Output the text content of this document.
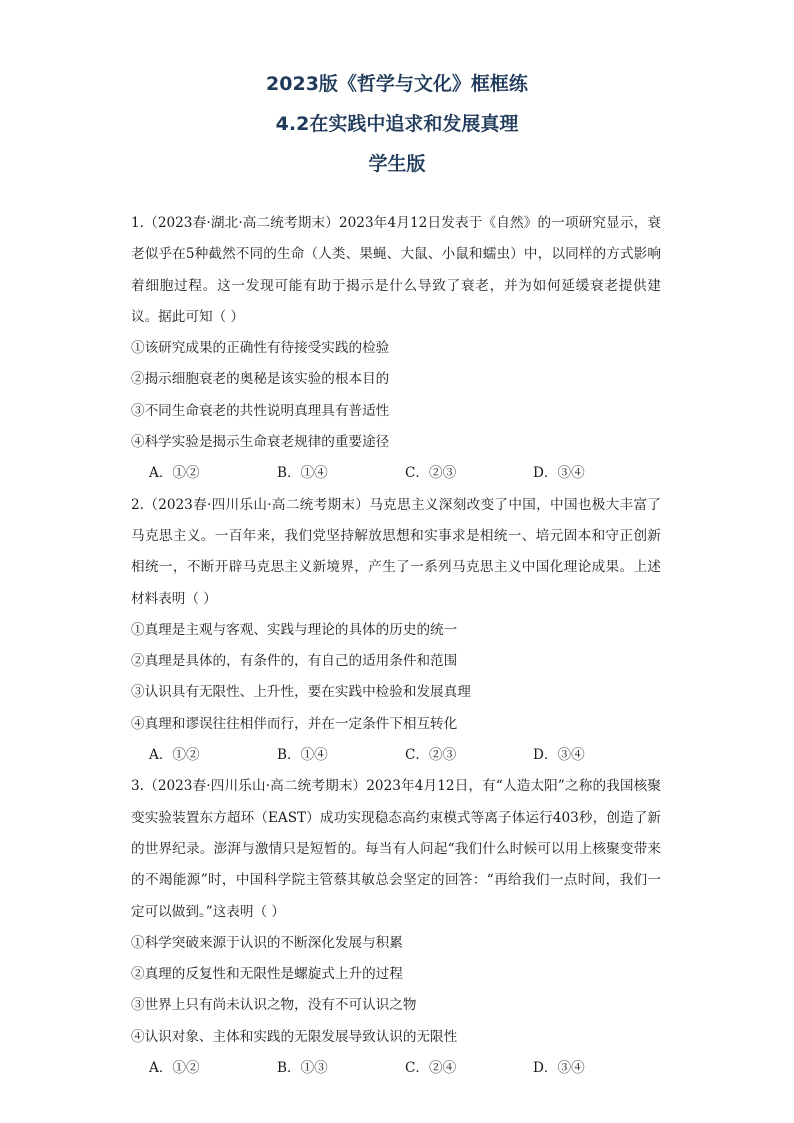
2023版《哲学与文化》框框练
4.2在实践中追求和发展真理
学生版
1.（2023春·湖北·高二统考期末）2023年4月12日发表于《自然》的一项研究显示，衰老似乎在5种截然不同的生命（人类、果蝇、大鼠、小鼠和蠕虫）中，以同样的方式影响着细胞过程。这一发现可能有助于揭示是什么导致了衰老，并为如何延缓衰老提供建议。据此可知（ ）
①该研究成果的正确性有待接受实践的检验
②揭示细胞衰老的奥秘是该实验的根本目的
③不同生命衰老的共性说明真理具有普适性
④科学实验是揭示生命衰老规律的重要途径
A．①②	B．①④	C．②③	D．③④
2.（2023春·四川乐山·高二统考期末）马克思主义深刻改变了中国，中国也极大丰富了马克思主义。一百年来，我们党坚持解放思想和实事求是相统一、培元固本和守正创新相统一，不断开辟马克思主义新境界，产生了一系列马克思主义中国化理论成果。上述材料表明（ ）
①真理是主观与客观、实践与理论的具体的历史的统一
②真理是具体的，有条件的，有自己的适用条件和范围
③认识具有无限性、上升性，要在实践中检验和发展真理
④真理和谬误往往相伴而行，并在一定条件下相互转化
A．①②	B．①④	C．②③	D．③④
3.（2023春·四川乐山·高二统考期末）2023年4月12日，有“人造太阳”之称的我国核聚变实验装置东方超环（EAST）成功实现稳态高约束模式等离子体运行403秒，创造了新的世界纪录。澎湃与激情只是短暂的。每当有人问起“我们什么时候可以用上核聚变带来的不竭能源”时，中国科学院主管蔡其敏总会坚定的回答：“再给我们一点时间，我们一定可以做到。”这表明（ ）
①科学突破来源于认识的不断深化发展与积累
②真理的反复性和无限性是螺旋式上升的过程
③世界上只有尚未认识之物，没有不可认识之物
④认识对象、主体和实践的无限发展导致认识的无限性
A．①②	B．①③	C．②④	D．③④
